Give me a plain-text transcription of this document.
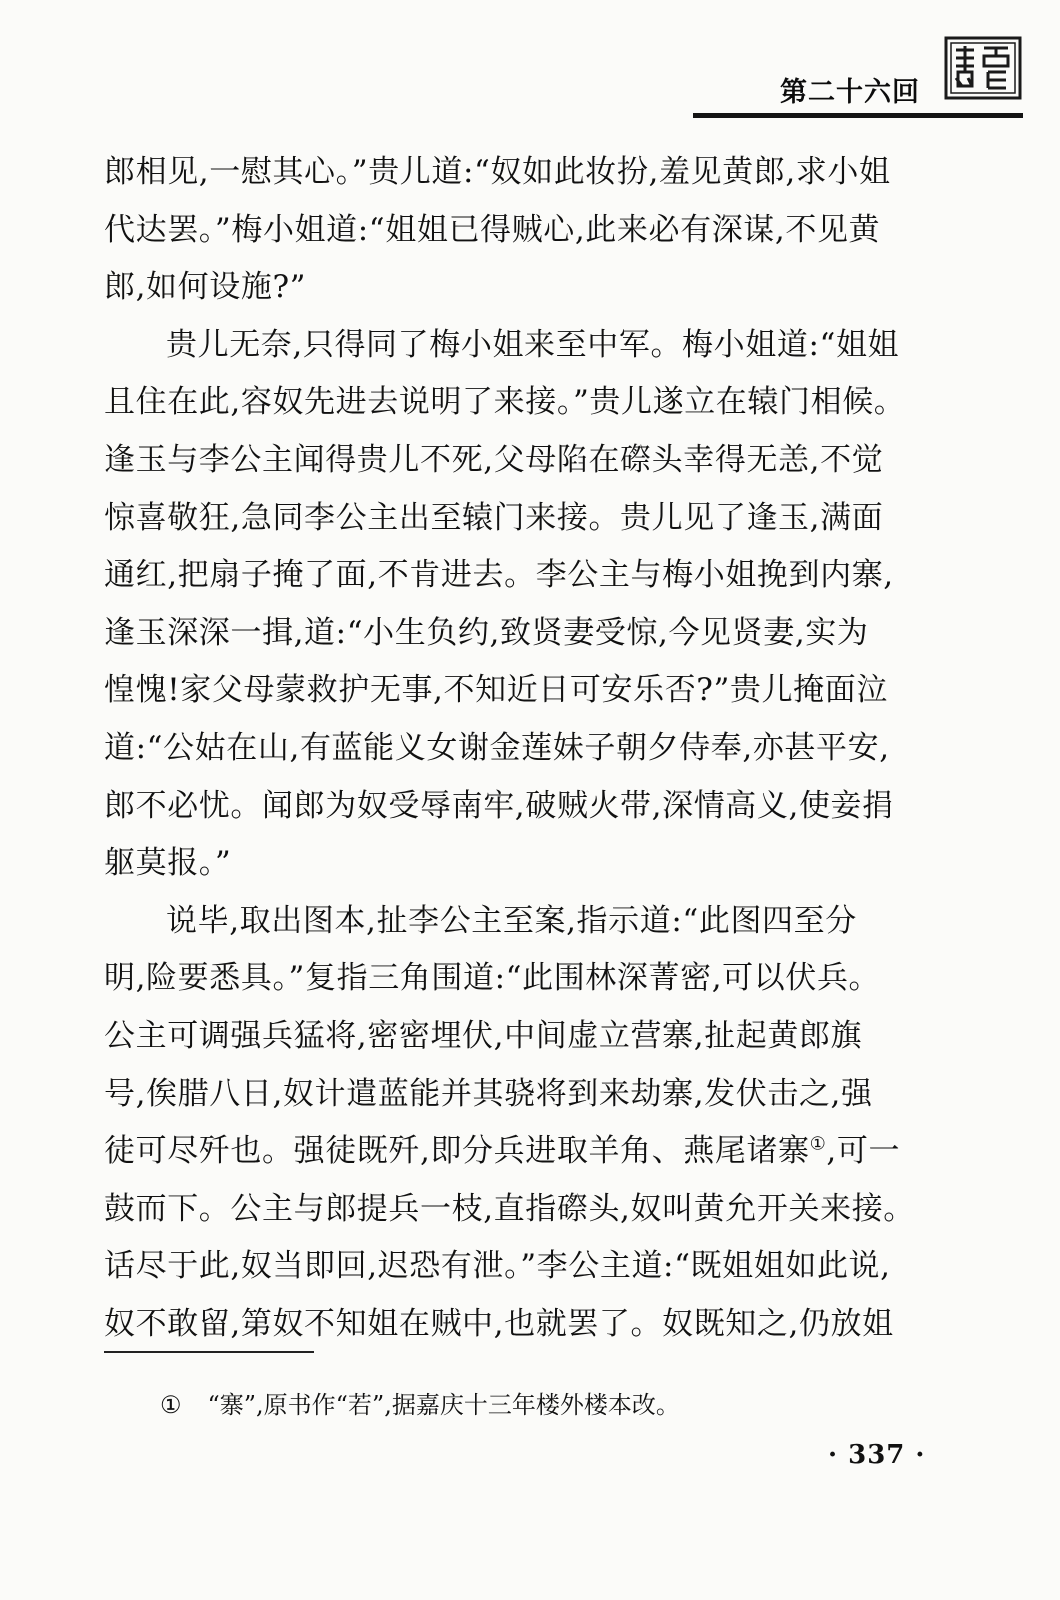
第二十六回
郎相见,一慰其心。”贵儿道:“奴如此妆扮,羞见黄郎,求小姐
代达罢。”梅小姐道:“姐姐已得贼心,此来必有深谋,不见黄
郎,如何设施?”
贵儿无奈,只得同了梅小姐来至中军。梅小姐道:“姐姐
且住在此,容奴先进去说明了来接。”贵儿遂立在辕门相候。
逢玉与李公主闻得贵儿不死,父母陷在磜头幸得无恙,不觉
惊喜敬狂,急同李公主出至辕门来接。贵儿见了逢玉,满面
通红,把扇子掩了面,不肯进去。李公主与梅小姐挽到内寨,
逢玉深深一揖,道:“小生负约,致贤妻受惊,今见贤妻,实为
惶愧!家父母蒙救护无事,不知近日可安乐否?”贵儿掩面泣
道:“公姑在山,有蓝能义女谢金莲妹子朝夕侍奉,亦甚平安,
郎不必忧。闻郎为奴受辱南牢,破贼火带,深情高义,使妾捐
躯莫报。”
说毕,取出图本,扯李公主至案,指示道:“此图四至分
明,险要悉具。”复指三角围道:“此围林深菁密,可以伏兵。
公主可调强兵猛将,密密埋伏,中间虚立营寨,扯起黄郎旗
号,俟腊八日,奴计遣蓝能并其骁将到来劫寨,发伏击之,强
徒可尽歼也。强徒既歼,即分兵进取羊角、燕尾诸寨①,可一
鼓而下。公主与郎提兵一枝,直指磜头,奴叫黄允开关来接。
话尽于此,奴当即回,迟恐有泄。”李公主道:“既姐姐如此说,
奴不敢留,第奴不知姐在贼中,也就罢了。奴既知之,仍放姐
① “寨”,原书作“若”,据嘉庆十三年楼外楼本改。
· 337 ·
